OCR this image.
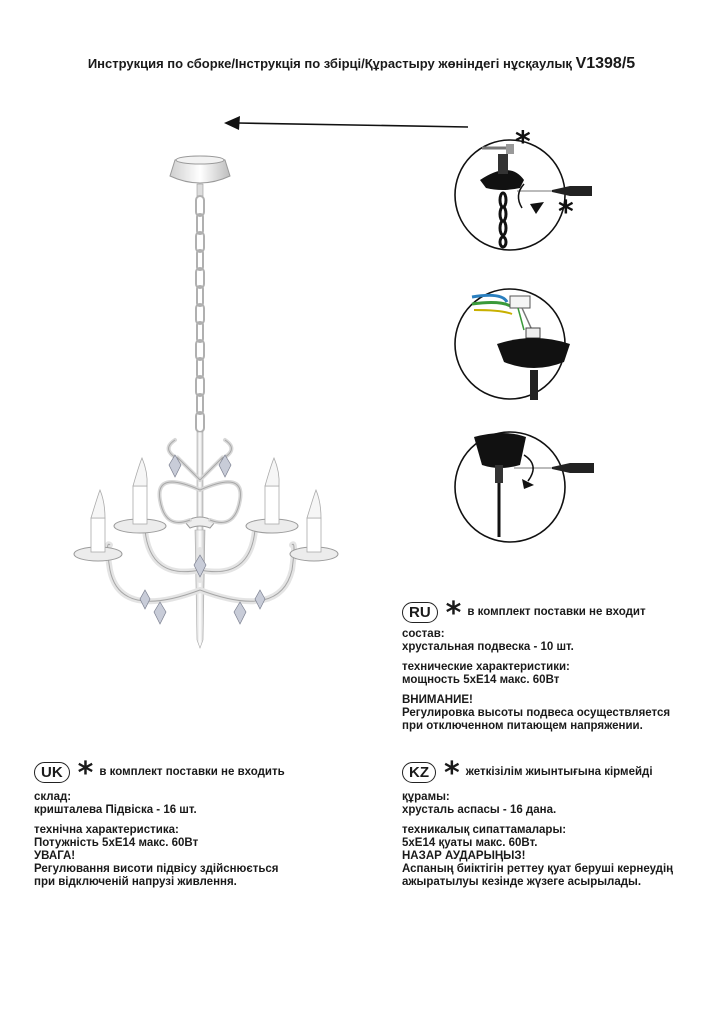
Инструкция по сборке/Інструкція по збірці/Құрастыру жөніндегі нұсқаулық V1398/5
*
*
RU * в комплект поставки не входит

состав:

хрустальная подвеска - 10 шт.

технические характеристики:

мощность 5хЕ14 макс. 60Вт

ВНИМАНИЕ!

Регулировка высоты подвеса осуществляется

при отключенном питающем напряжении.

UK * в комплект поставки не входить

склад:

кришталева Підвіска - 16 шт.

технічна характеристика:

Потужність 5хЕ14 макс. 60Вт

УВАГА!

Регулювання висоти підвісу здійснюється

при відключеній напрузі живлення.

KZ * жеткізілім жиынтығына кірмейді

құрамы:

хрусталь аспасы - 16 дана.

техникалық сипаттамалары:

5хЕ14 қуаты макс. 60Вт.

НАЗАР АУДАРЫҢЫЗ!

Аспаның биіктігін реттеу қуат беруші кернеудің

ажыратылуы кезінде жүзеге асырылады.
